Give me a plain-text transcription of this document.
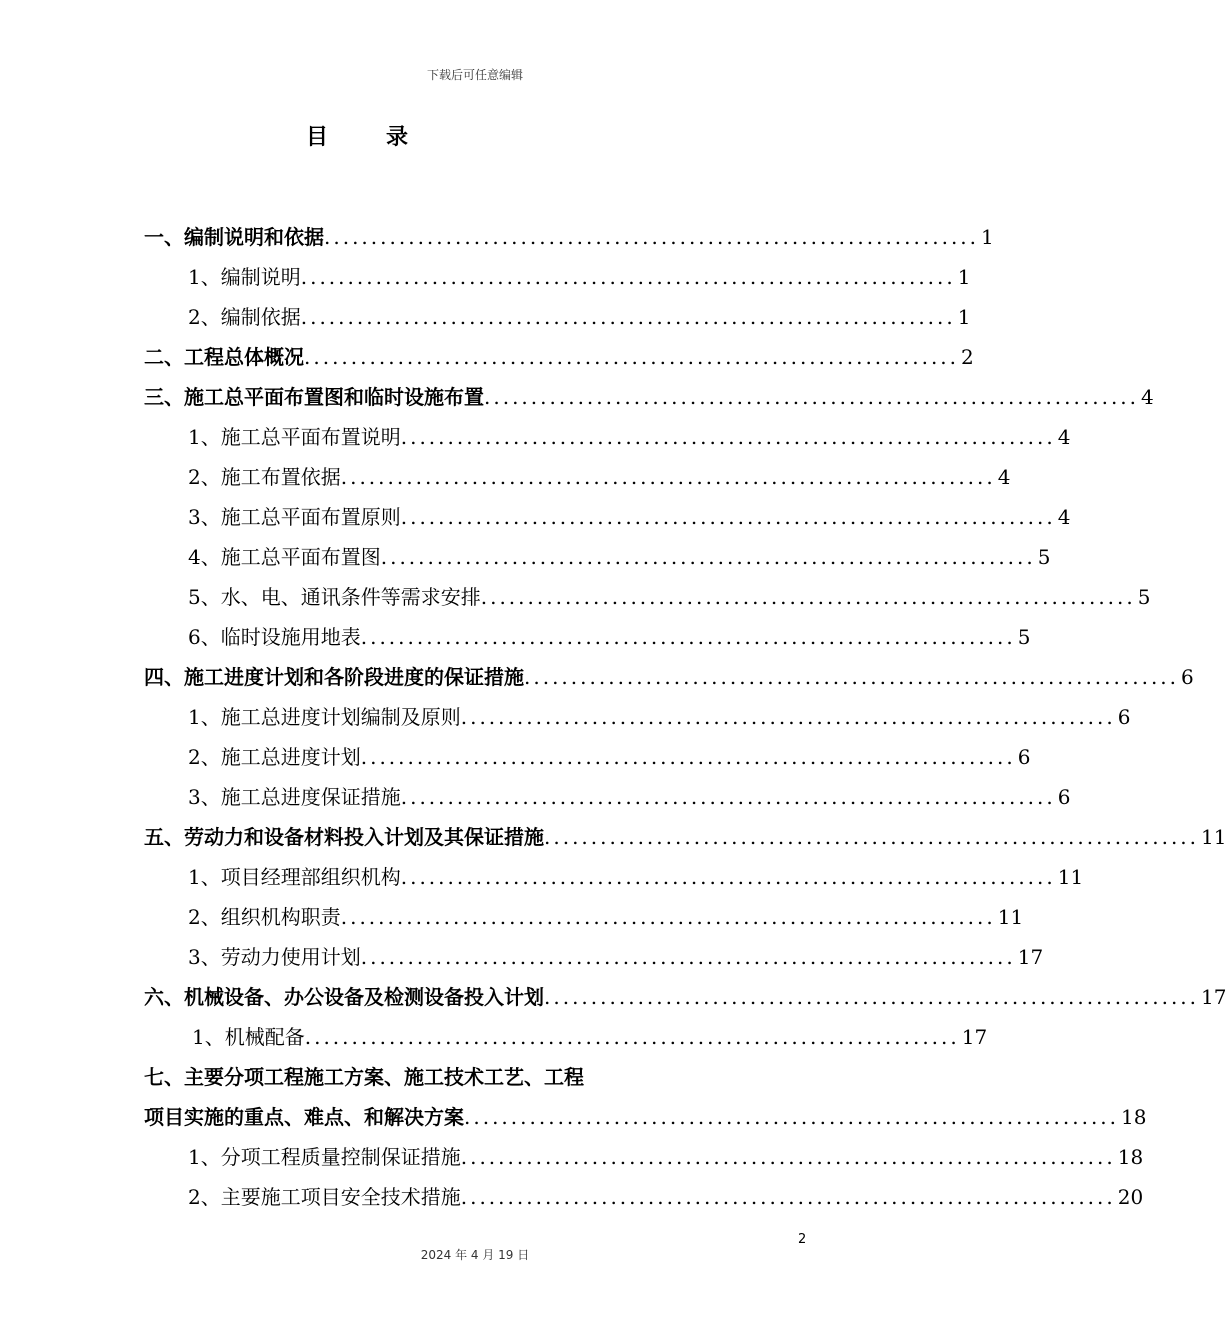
下载后可任意编辑
目	录
一、编制说明和依据 ...................................................................... 1
1、编制说明 ...................................................................... 1
2、编制依据 ...................................................................... 1
二、工程总体概况 ...................................................................... 2
三、施工总平面布置图和临时设施布置 ...................................................................... 4
1、施工总平面布置说明 ...................................................................... 4
2、施工布置依据 ...................................................................... 4
3、施工总平面布置原则 ...................................................................... 4
4、施工总平面布置图 ...................................................................... 5
5、水、电、通讯条件等需求安排 ...................................................................... 5
6、临时设施用地表 ...................................................................... 5
四、施工进度计划和各阶段进度的保证措施 ...................................................................... 6
1、施工总进度计划编制及原则 ...................................................................... 6
2、施工总进度计划 ...................................................................... 6
3、施工总进度保证措施 ...................................................................... 6
五、劳动力和设备材料投入计划及其保证措施 ...................................................................... 11
1、项目经理部组织机构 ...................................................................... 11
2、组织机构职责 ...................................................................... 11
3、劳动力使用计划 ...................................................................... 17
六、机械设备、办公设备及检测设备投入计划 ...................................................................... 17
1、机械配备 ...................................................................... 17
七、主要分项工程施工方案、施工技术工艺、工程
项目实施的重点、难点、和解决方案 ...................................................................... 18
1、分项工程质量控制保证措施 ...................................................................... 18
2、主要施工项目安全技术措施 ...................................................................... 20
2
2024 年 4 月 19 日
